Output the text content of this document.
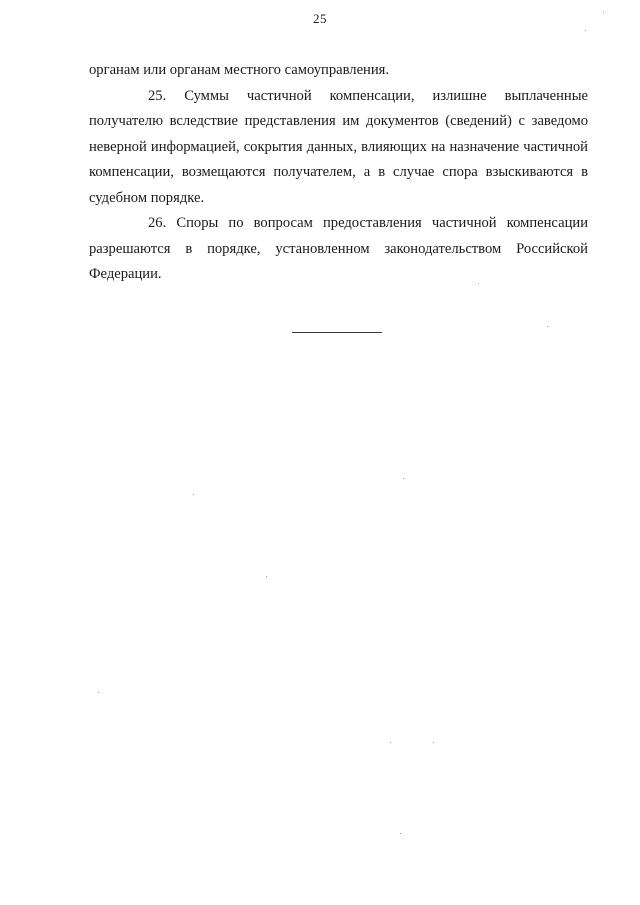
25

органам или органам местного самоуправления.

25. Суммы частичной компенсации, излишне выплаченные получателю вследствие представления им документов (сведений) с заведомо неверной информацией, сокрытия данных, влияющих на назначение частичной компенсации, возмещаются получателем, а в случае спора взыскиваются в судебном порядке.

26. Споры по вопросам предоставления частичной компенсации разрешаются в порядке, установленном законодательством Российской Федерации.
